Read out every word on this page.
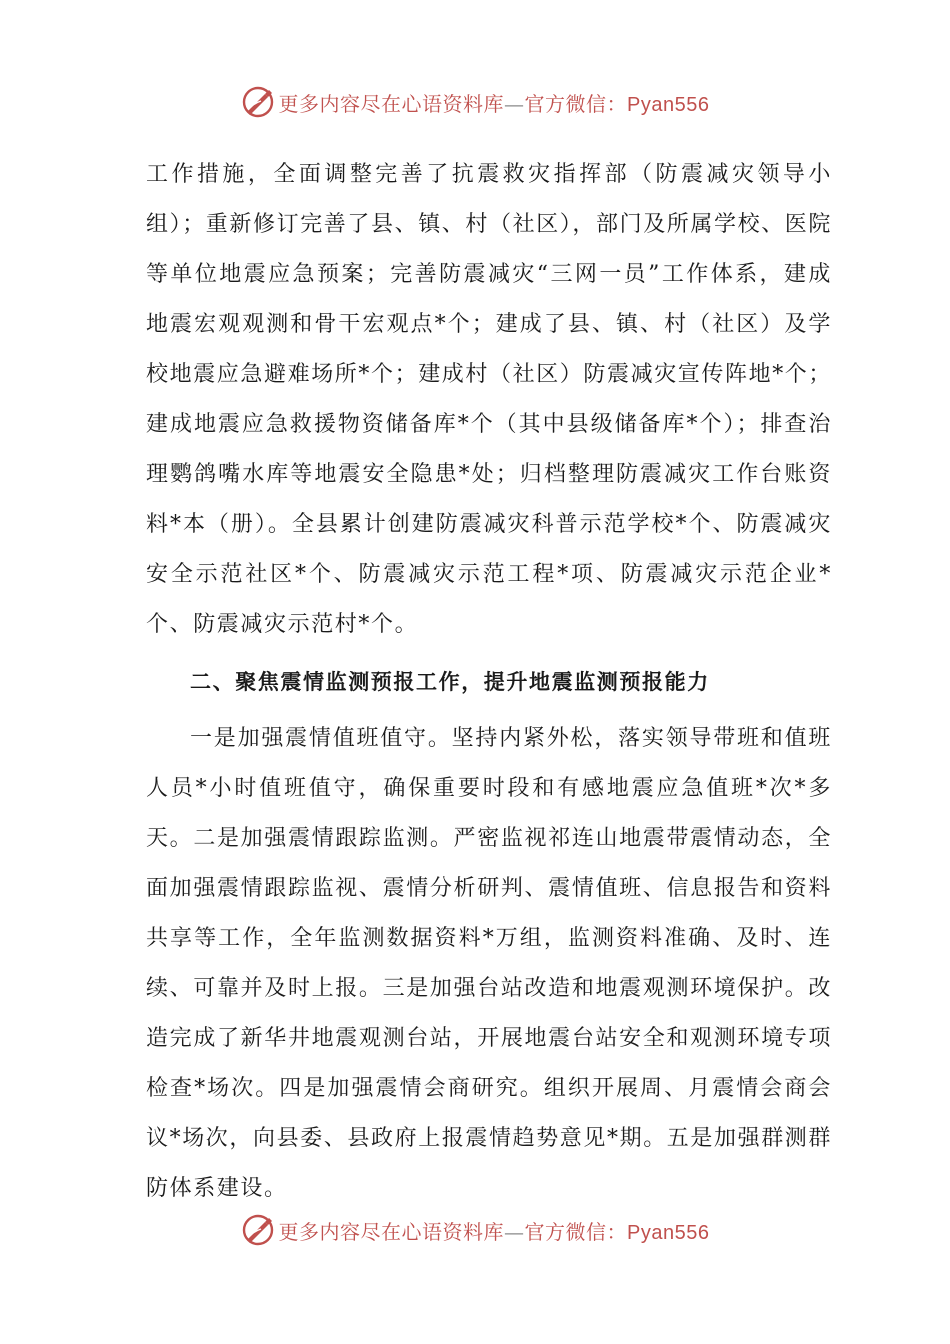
更多内容尽在心语资料库—官方微信：Pyan556

工作措施，全面调整完善了抗震救灾指挥部（防震减灾领导小组）；重新修订完善了县、镇、村（社区），部门及所属学校、医院等单位地震应急预案；完善防震减灾“三网一员”工作体系，建成地震宏观观测和骨干宏观点*个；建成了县、镇、村（社区）及学校地震应急避难场所*个；建成村（社区）防震减灾宣传阵地*个；建成地震应急救援物资储备库*个（其中县级储备库*个）；排查治理鹦鸽嘴水库等地震安全隐患*处；归档整理防震减灾工作台账资料*本（册）。全县累计创建防震减灾科普示范学校*个、防震减灾安全示范社区*个、防震减灾示范工程*项、防震减灾示范企业*个、防震减灾示范村*个。

二、聚焦震情监测预报工作，提升地震监测预报能力

一是加强震情值班值守。坚持内紧外松，落实领导带班和值班人员*小时值班值守，确保重要时段和有感地震应急值班*次*多天。二是加强震情跟踪监测。严密监视祁连山地震带震情动态，全面加强震情跟踪监视、震情分析研判、震情值班、信息报告和资料共享等工作，全年监测数据资料*万组，监测资料准确、及时、连续、可靠并及时上报。三是加强台站改造和地震观测环境保护。改造完成了新华井地震观测台站，开展地震台站安全和观测环境专项检查*场次。四是加强震情会商研究。组织开展周、月震情会商会议*场次，向县委、县政府上报震情趋势意见*期。五是加强群测群防体系建设。

更多内容尽在心语资料库—官方微信：Pyan556
